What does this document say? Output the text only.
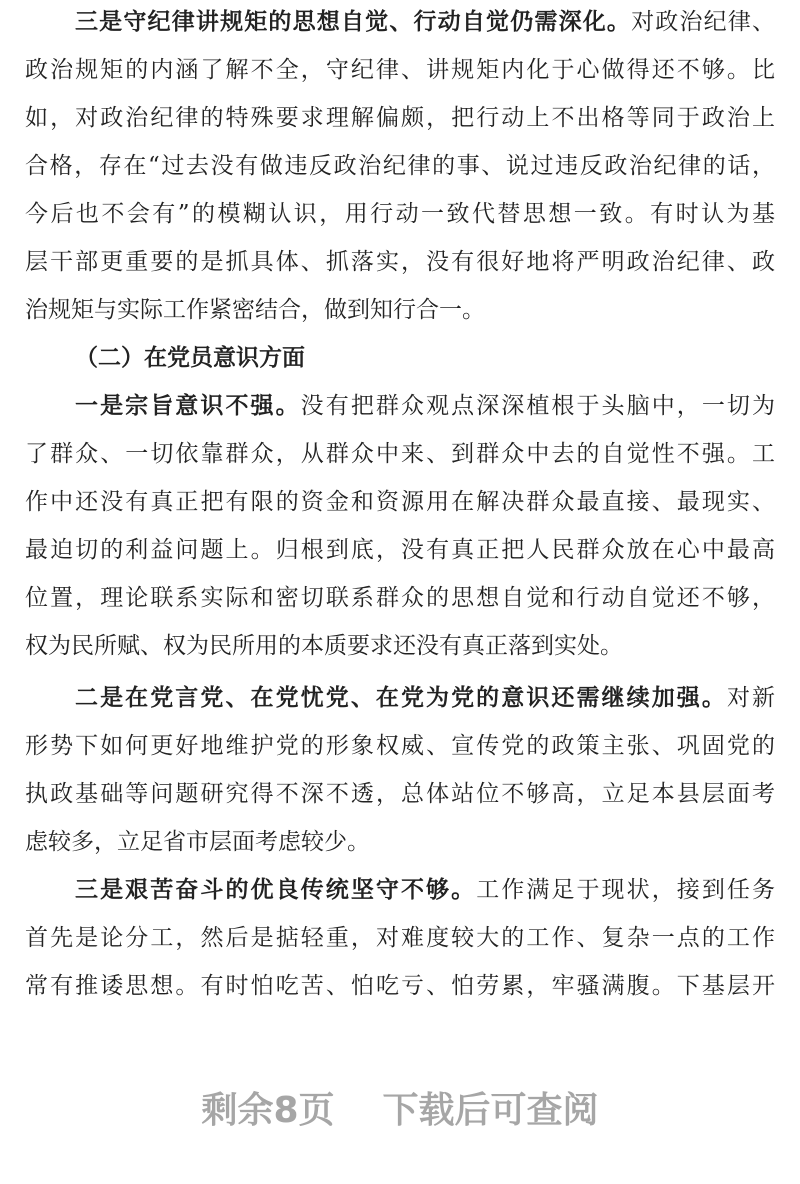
三是守纪律讲规矩的思想自觉、行动自觉仍需深化。对政治纪律、
政治规矩的内涵了解不全，守纪律、讲规矩内化于心做得还不够。比
如，对政治纪律的特殊要求理解偏颇，把行动上不出格等同于政治上
合格，存在“过去没有做违反政治纪律的事、说过违反政治纪律的话，
今后也不会有”的模糊认识，用行动一致代替思想一致。有时认为基
层干部更重要的是抓具体、抓落实，没有很好地将严明政治纪律、政
治规矩与实际工作紧密结合，做到知行合一。
（二）在党员意识方面
一是宗旨意识不强。没有把群众观点深深植根于头脑中，一切为
了群众、一切依靠群众，从群众中来、到群众中去的自觉性不强。工
作中还没有真正把有限的资金和资源用在解决群众最直接、最现实、
最迫切的利益问题上。归根到底，没有真正把人民群众放在心中最高
位置，理论联系实际和密切联系群众的思想自觉和行动自觉还不够，
权为民所赋、权为民所用的本质要求还没有真正落到实处。
二是在党言党、在党忧党、在党为党的意识还需继续加强。对新
形势下如何更好地维护党的形象权威、宣传党的政策主张、巩固党的
执政基础等问题研究得不深不透，总体站位不够高，立足本县层面考
虑较多，立足省市层面考虑较少。
三是艰苦奋斗的优良传统坚守不够。工作满足于现状，接到任务
首先是论分工，然后是掂轻重，对难度较大的工作、复杂一点的工作
常有推诿思想。有时怕吃苦、怕吃亏、怕劳累，牢骚满腹。下基层开
剩余8页 下载后可查阅
